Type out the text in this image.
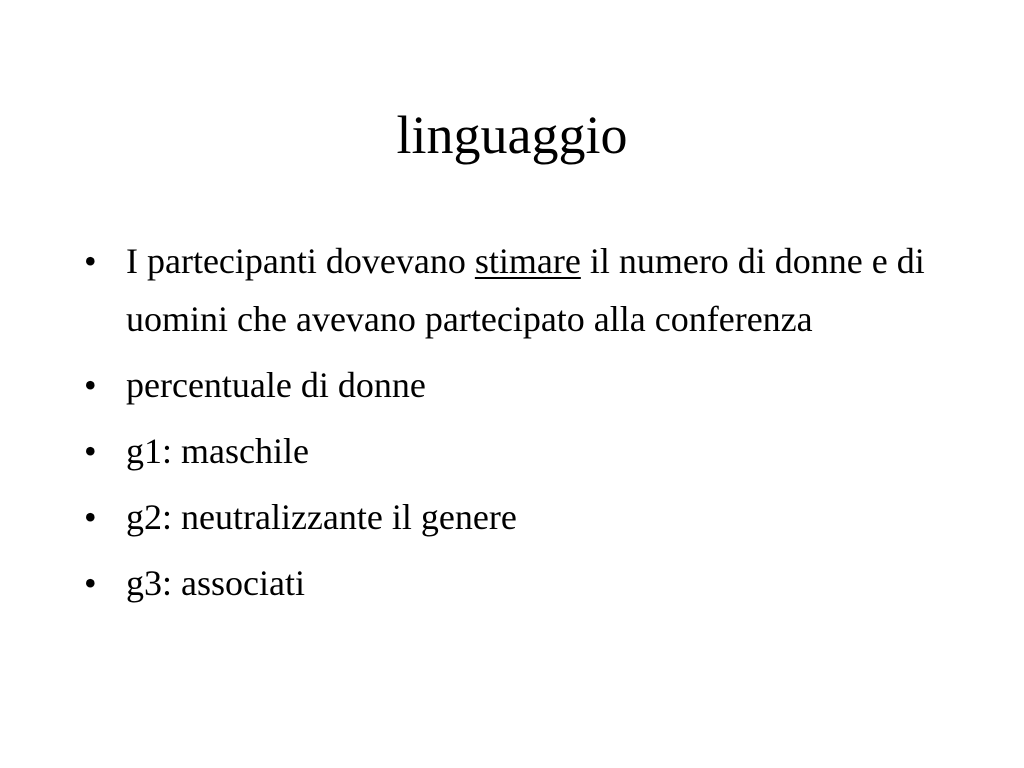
linguaggio
• I partecipanti dovevano stimare il numero di donne e di uomini che avevano partecipato alla conferenza
• percentuale di donne
• g1: maschile
• g2: neutralizzante il genere
• g3: associati
